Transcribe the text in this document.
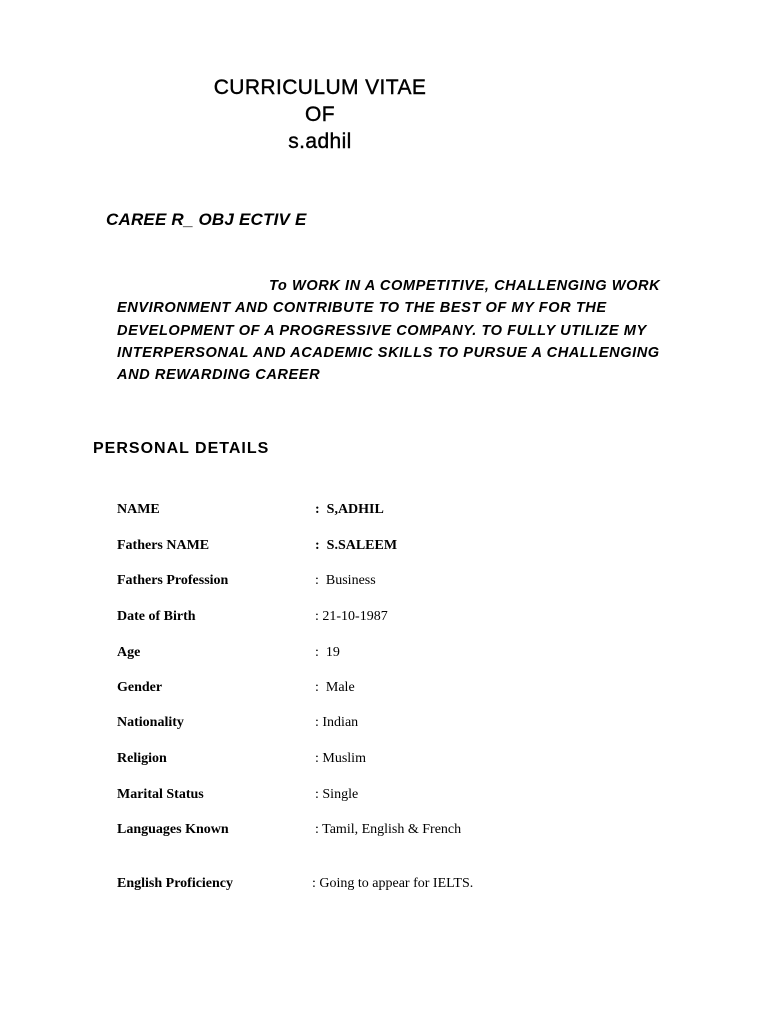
CURRICULUM VITAE
OF
s.adhil
CAREE R_ OBJ ECTIV E
To WORK IN A COMPETITIVE, CHALLENGING WORK
ENVIRONMENT AND CONTRIBUTE TO THE BEST OF MY FOR THE
DEVELOPMENT OF A PROGRESSIVE COMPANY. TO FULLY UTILIZE MY
INTERPERSONAL AND ACADEMIC SKILLS TO PURSUE A CHALLENGING
AND REWARDING CAREER
PERSONAL DETAILS
NAME	:  S,ADHIL
Fathers NAME	:  S.SALEEM
Fathers Profession	:  Business
Date of Birth	: 21-10-1987
Age	:  19
Gender	:  Male
Nationality	: Indian
Religion	: Muslim
Marital Status	: Single
Languages Known	: Tamil, English & French
English Proficiency	: Going to appear for IELTS.
